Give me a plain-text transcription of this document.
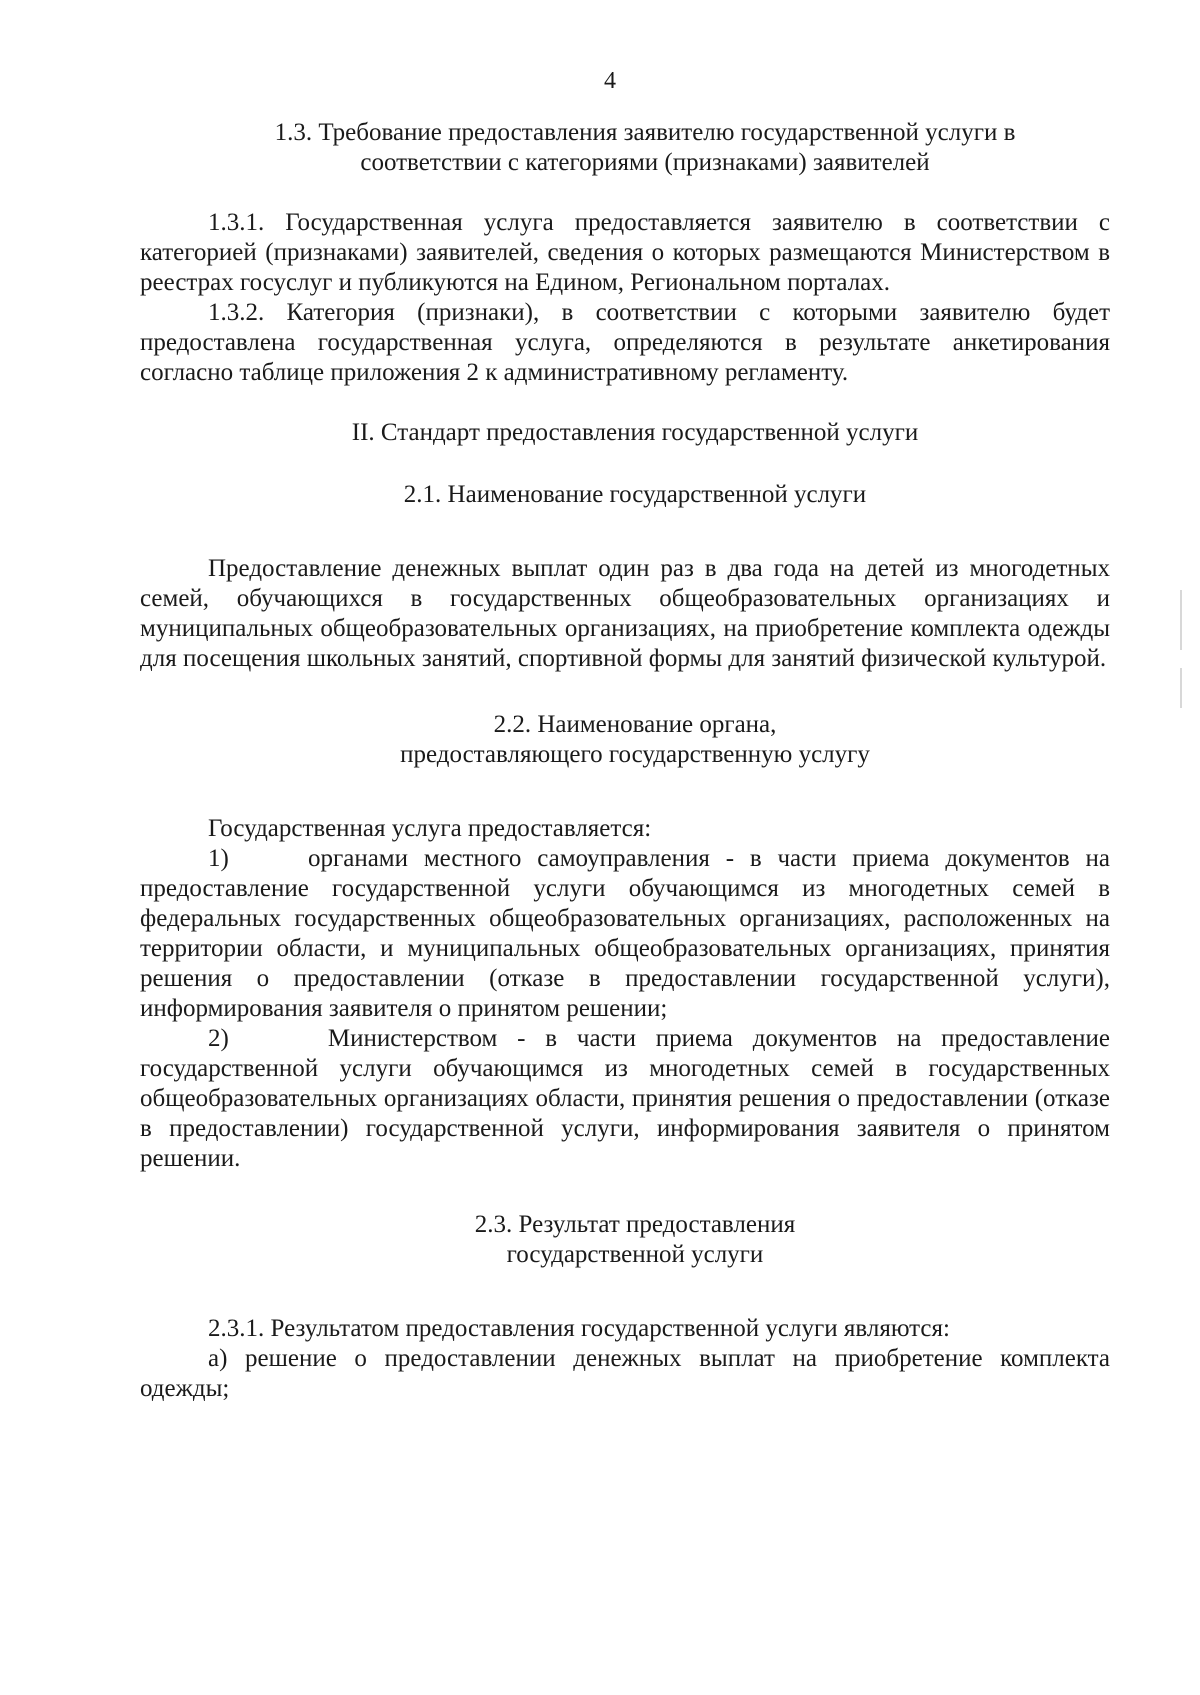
4
1.3. Требование предоставления заявителю государственной услуги в
соответствии с категориями (признаками) заявителей

1.3.1. Государственная услуга предоставляется заявителю в соответствии с категорией (признаками) заявителей, сведения о которых размещаются Министерством в реестрах госуслуг и публикуются на Едином, Региональном порталах.

1.3.2. Категория (признаки), в соответствии с которыми заявителю будет предоставлена государственная услуга, определяются в результате анкетирования согласно таблице приложения 2 к административному регламенту.

II. Стандарт предоставления государственной услуги
2.1. Наименование государственной услуги

Предоставление денежных выплат один раз в два года на детей из многодетных семей, обучающихся в государственных общеобразовательных организациях и муниципальных общеобразовательных организациях, на приобретение комплекта одежды для посещения школьных занятий, спортивной формы для занятий физической культурой.

2.2. Наименование органа,
предоставляющего государственную услугу

Государственная услуга предоставляется:

1)     органами местного самоуправления - в части приема документов на предоставление государственной услуги обучающимся из многодетных семей в федеральных государственных общеобразовательных организациях, расположенных на территории области, и муниципальных общеобразовательных организациях, принятия решения о предоставлении (отказе в предоставлении государственной услуги), информирования заявителя о принятом решении;

2)     Министерством - в части приема документов на предоставление государственной услуги обучающимся из многодетных семей в государственных общеобразовательных организациях области, принятия решения о предоставлении (отказе в предоставлении) государственной услуги, информирования заявителя о принятом решении.

2.3. Результат предоставления
государственной услуги

2.3.1. Результатом предоставления государственной услуги являются:

а) решение о предоставлении денежных выплат на приобретение комплекта одежды;
